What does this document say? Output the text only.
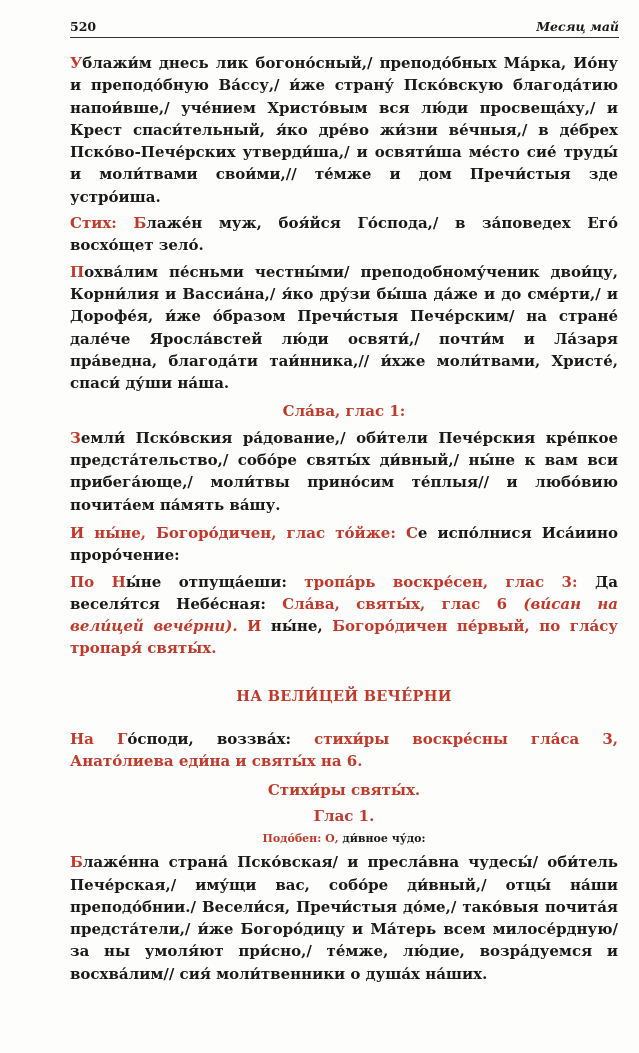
520	Месяц май

Ублажи́м днесь лик богоно́сный,/ преподо́бных Ма́рка, Ио́ну и преподо́бную Ва́ссу,/ и́же страну́ Пско́вскую благода́тию напои́вше,/ уче́нием Христо́вым вся лю́ди просвеща́ху,/ и Крест спаси́тельный, я́ко дре́во жи́зни ве́чныя,/ в де́брех Пско́во-Пече́рских утверди́ша,/ и освяти́ша ме́сто сие́ труды́ и моли́твами свои́ми,// те́мже и дом Пречи́стыя зде устро́иша.

Стих: Блаже́н муж, боя́йся Го́спода,/ в за́поведех Его́ восхо́щет зело́.

Похва́лим пе́сньми честны́ми/ преподобному́ченик двои́цу, Корни́лия и Вассиа́на,/ я́ко дру́зи бы́ша да́же и до сме́рти,/ и Дорофе́я, и́же о́бразом Пречи́стыя Пече́рским/ на стране́ дале́че Яросла́встей лю́ди освяти́,/ почти́м и Ла́заря пра́ведна, благода́ти таи́нника,// и́хже моли́твами, Христе́, спаси́ ду́ши на́ша.

Сла́ва, глас 1:

Земли́ Пско́вския ра́дование,/ оби́тели Пече́рския кре́пкое предста́тельство,/ собо́ре святы́х ди́вный,/ ны́не к вам вси прибега́юще,/ моли́твы прино́сим те́плыя// и любо́вию почита́ем па́мять ва́шу.

И ны́не, Богоро́дичен, глас то́йже: Се испо́лнися Иса́иино проро́чение:

По Ны́не отпуща́еши: тропа́рь воскре́сен, глас 3: Да веселя́тся Небе́сная: Сла́ва, святы́х, глас 6 (ви́сан на вели́цей вече́рни). И ны́не, Богоро́дичен пе́рвый, по гла́су тропаря́ святы́х.

НА ВЕЛИ́ЦЕЙ ВЕЧЕ́РНИ

На Го́споди, воззва́х: стихи́ры воскре́сны гла́са 3, Анато́лиева еди́на и святы́х на 6.

Стихи́ры святы́х.

Глас 1.

Подо́бен: О, ди́вное чу́до:

Блаже́нна страна́ Пско́вская/ и пресла́вна чудесы́/ оби́тель Пече́рская,/ иму́щи вас, собо́ре ди́вный,/ отцы́ на́ши преподо́бнии./ Весели́ся, Пречи́стыя до́ме,/ тако́выя почита́я предста́тели,/ и́же Богоро́дицу и Ма́терь всем милосе́рдную/ за ны умоля́ют при́сно,/ те́мже, лю́дие, возра́дуемся и восхва́лим// сия́ моли́твенники о душа́х на́ших.
